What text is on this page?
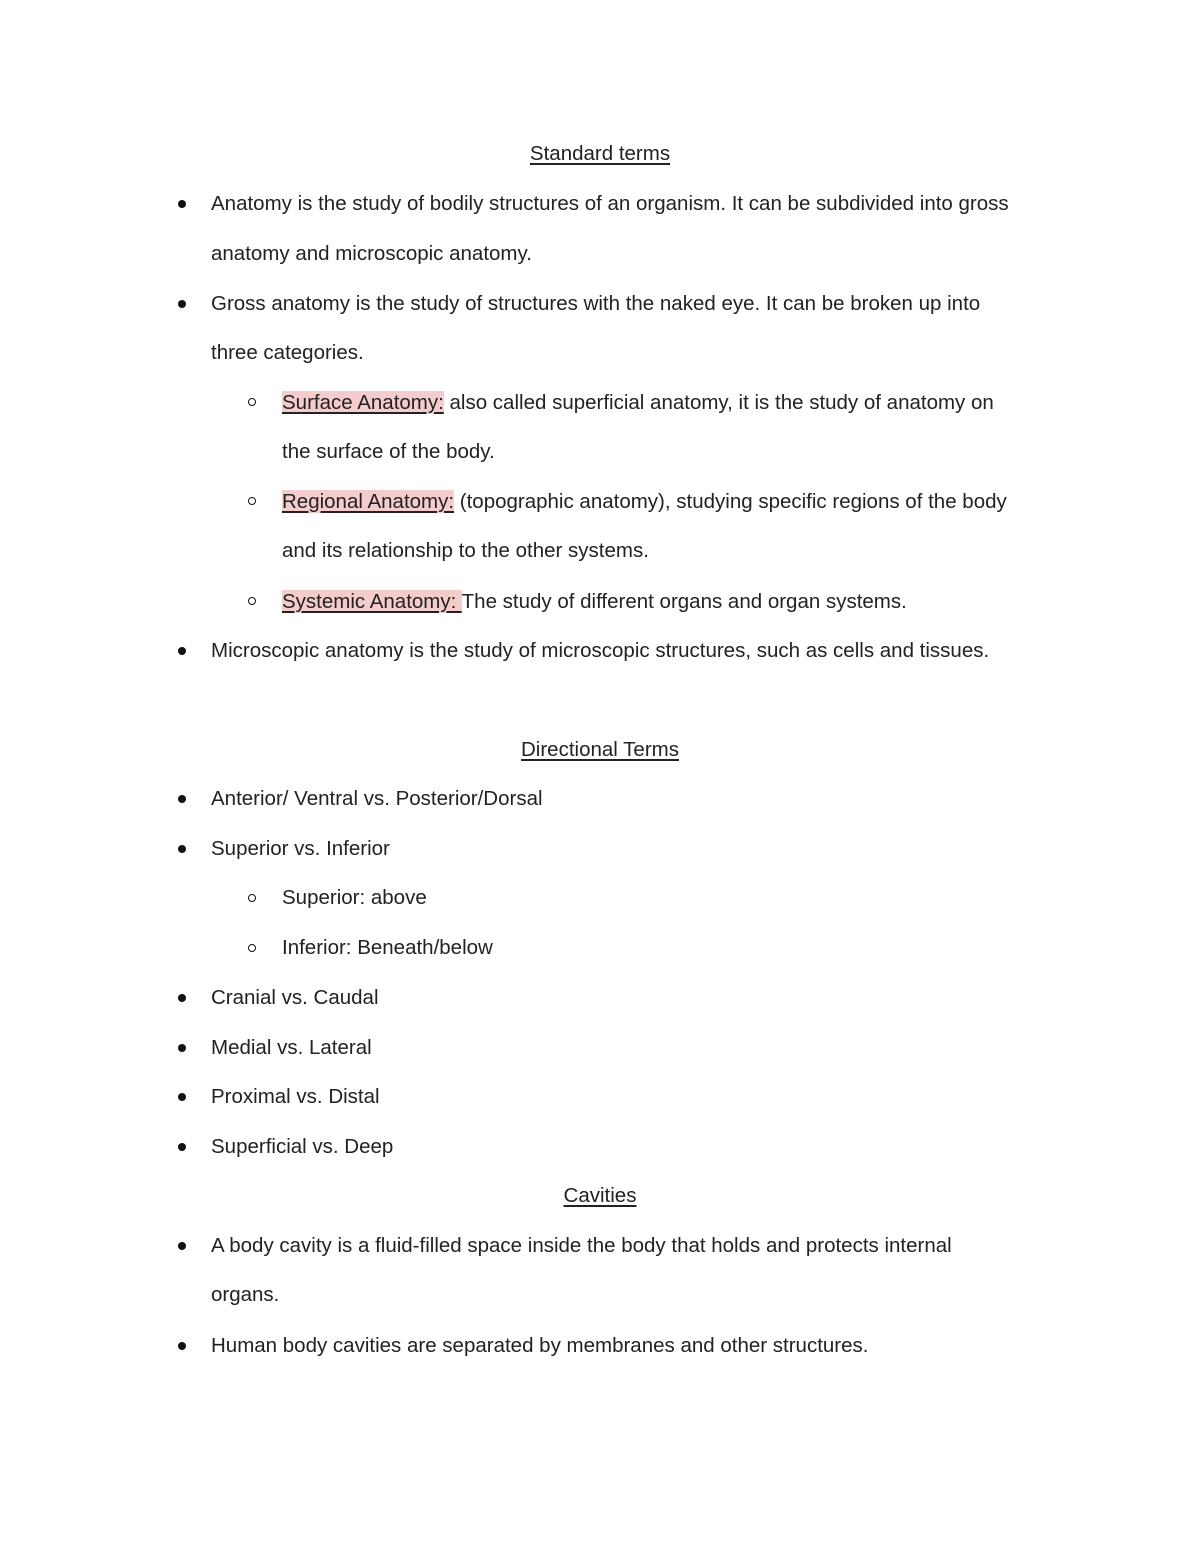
Standard terms
Anatomy is the study of bodily structures of an organism. It can be subdivided into gross
anatomy and microscopic anatomy.
Gross anatomy is the study of structures with the naked eye. It can be broken up into
three categories.
Surface Anatomy: also called superficial anatomy, it is the study of anatomy on
the surface of the body.
Regional Anatomy: (topographic anatomy), studying specific regions of the body
and its relationship to the other systems.
Systemic Anatomy: The study of different organs and organ systems.
Microscopic anatomy is the study of microscopic structures, such as cells and tissues.
Directional Terms
Anterior/ Ventral vs. Posterior/Dorsal
Superior vs. Inferior
Superior: above
Inferior: Beneath/below
Cranial vs. Caudal
Medial vs. Lateral
Proximal vs. Distal
Superficial vs. Deep
Cavities
A body cavity is a fluid-filled space inside the body that holds and protects internal
organs.
Human body cavities are separated by membranes and other structures.
